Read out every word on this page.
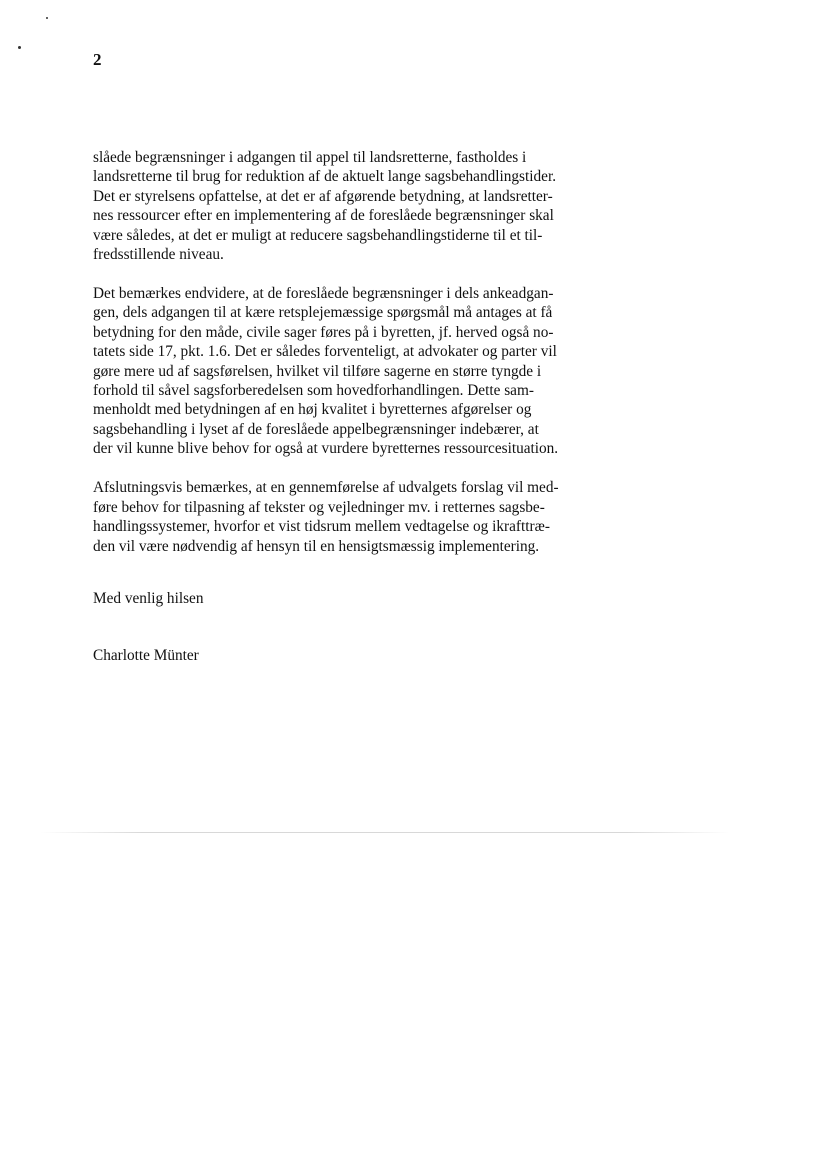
2

slåede begrænsninger i adgangen til appel til landsretterne, fastholdes i
landsretterne til brug for reduktion af de aktuelt lange sagsbehandlingstider.
Det er styrelsens opfattelse, at det er af afgørende betydning, at landsretter-
nes ressourcer efter en implementering af de foreslåede begrænsninger skal
være således, at det er muligt at reducere sagsbehandlingstiderne til et til-
fredsstillende niveau.

Det bemærkes endvidere, at de foreslåede begrænsninger i dels ankeadgan-
gen, dels adgangen til at kære retsplejemæssige spørgsmål må antages at få
betydning for den måde, civile sager føres på i byretten, jf. herved også no-
tatets side 17, pkt. 1.6. Det er således forventeligt, at advokater og parter vil
gøre mere ud af sagsførelsen, hvilket vil tilføre sagerne en større tyngde i
forhold til såvel sagsforberedelsen som hovedforhandlingen. Dette sam-
menholdt med betydningen af en høj kvalitet i byretternes afgørelser og
sagsbehandling i lyset af de foreslåede appelbegrænsninger indebærer, at
der vil kunne blive behov for også at vurdere byretternes ressourcesituation.

Afslutningsvis bemærkes, at en gennemførelse af udvalgets forslag vil med-
føre behov for tilpasning af tekster og vejledninger mv. i retternes sagsbe-
handlingssystemer, hvorfor et vist tidsrum mellem vedtagelse og ikrafttræ-
den vil være nødvendig af hensyn til en hensigtsmæssig implementering.

Med venlig hilsen
Charlotte Münter
